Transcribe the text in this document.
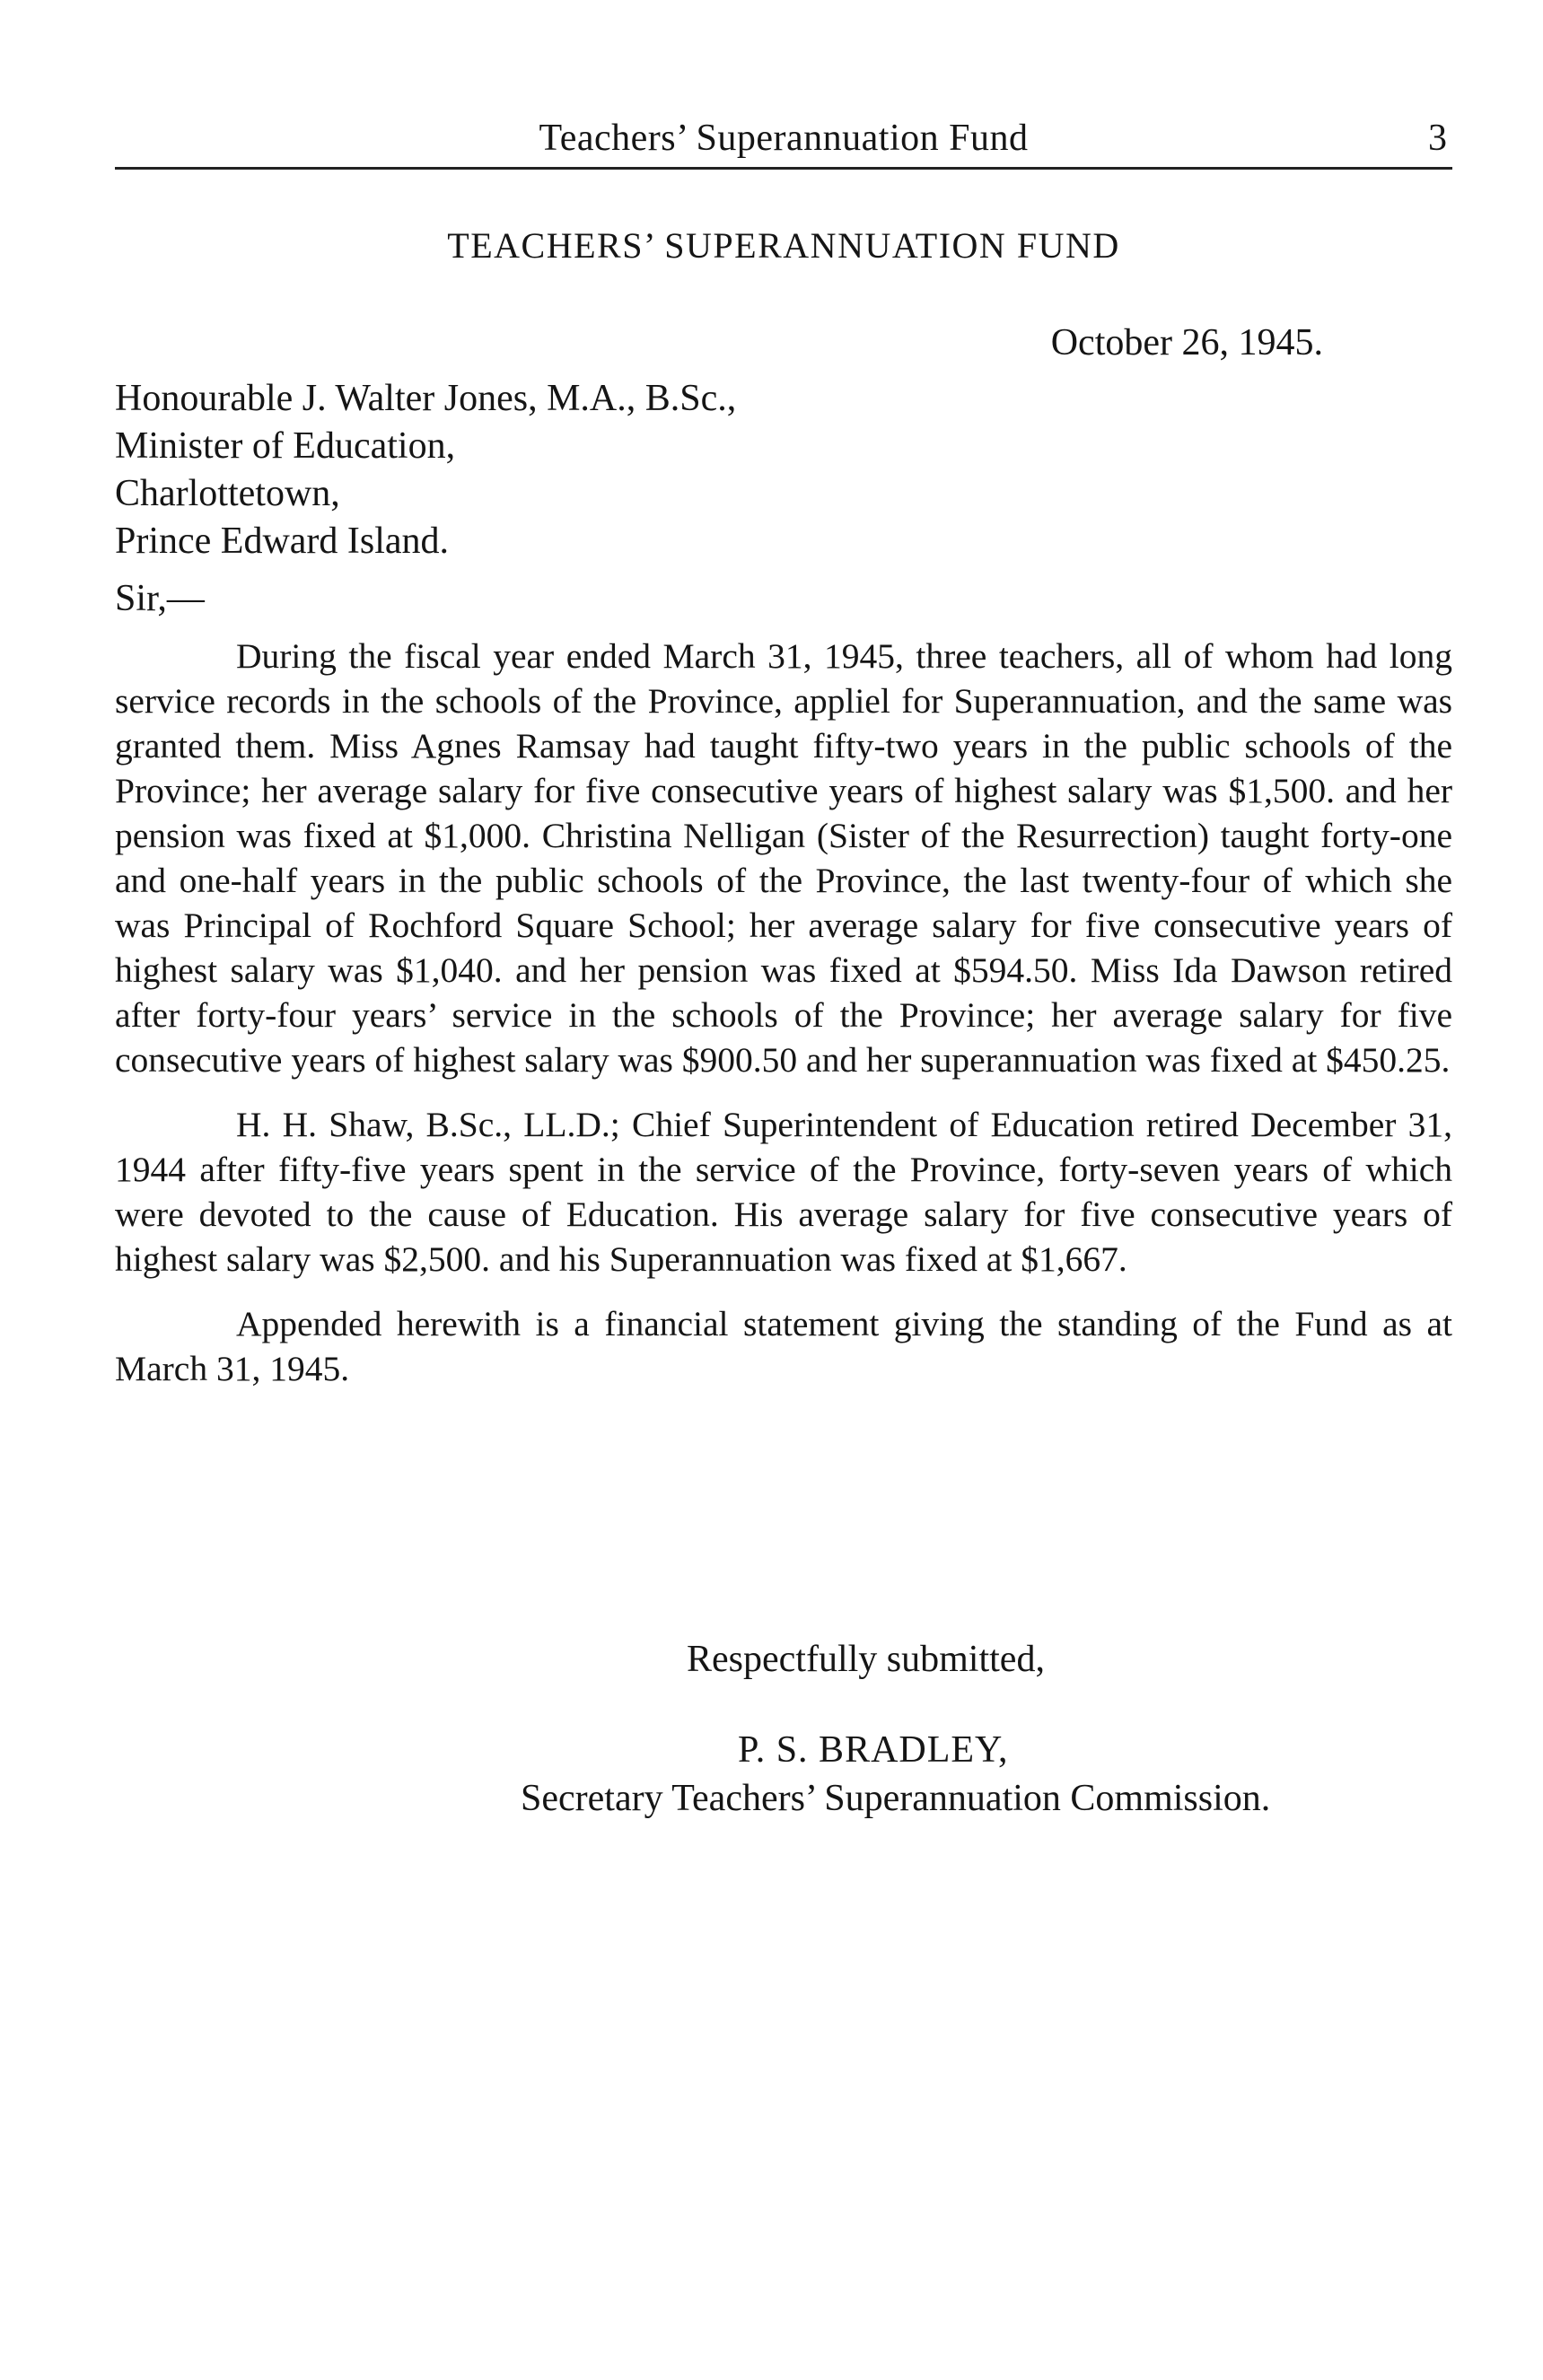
Teachers’ Superannuation Fund	3
TEACHERS’ SUPERANNUATION FUND
October 26, 1945.
Honourable J. Walter Jones, M.A., B.Sc.,
Minister of Education,
Charlottetown,
Prince Edward Island.
Sir,—

During the fiscal year ended March 31, 1945, three teachers, all of whom had long service records in the schools of the Province, appliel for Superannuation, and the same was granted them. Miss Agnes Ramsay had taught fifty-two years in the public schools of the Province; her average salary for five consecutive years of highest salary was $1,500. and her pension was fixed at $1,000. Christina Nelligan (Sister of the Resurrection) taught forty-one and one-half years in the public schools of the Province, the last twenty-four of which she was Principal of Rochford Square School; her average salary for five consecutive years of highest salary was $1,040. and her pension was fixed at $594.50. Miss Ida Dawson retired after forty-four years’ service in the schools of the Province; her average salary for five consecutive years of highest salary was $900.50 and her superannuation was fixed at $450.25.

H. H. Shaw, B.Sc., LL.D.; Chief Superintendent of Education retired December 31, 1944 after fifty-five years spent in the service of the Province, forty-seven years of which were devoted to the cause of Education. His average salary for five consecutive years of highest salary was $2,500. and his Superannuation was fixed at $1,667.

Appended herewith is a financial statement giving the standing of the Fund as at March 31, 1945.

Respectfully submitted,
P. S. BRADLEY,
Secretary Teachers’ Superannuation Commission.
